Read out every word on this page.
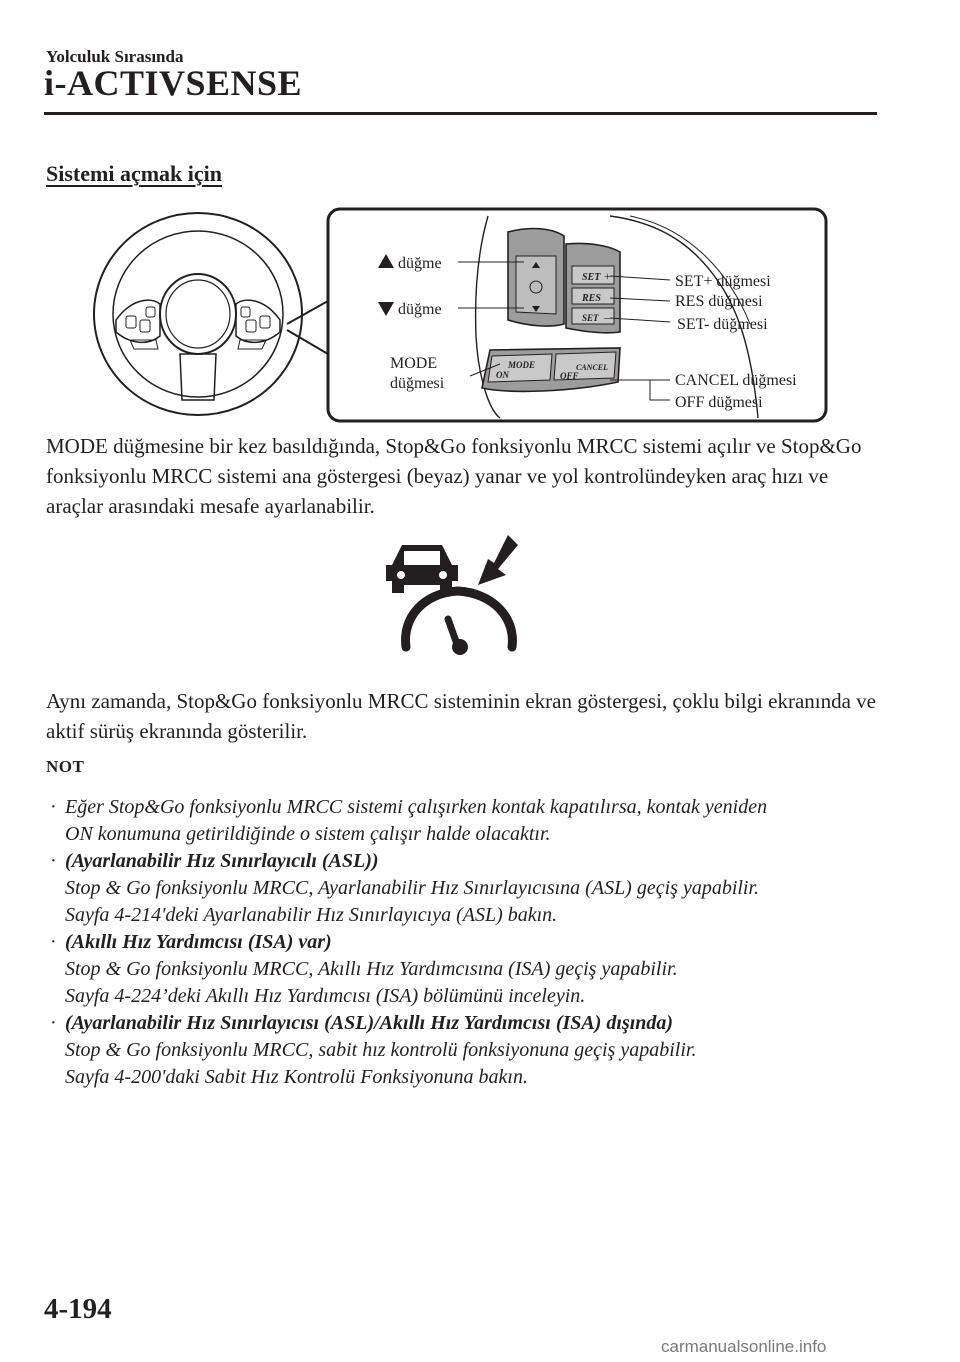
Yolculuk Sırasında
i-ACTIVSENSE
Sistemi açmak için
SET
RES
SET
+
–
MODE
ON
CANCEL
OFF
düğme
düğme
MODE
düğmesi
SET+ düğmesi
RES düğmesi
SET- düğmesi
CANCEL düğmesi
OFF düğmesi
MODE düğmesine bir kez basıldığında, Stop&Go fonksiyonlu MRCC sistemi açılır ve Stop&Go fonksiyonlu MRCC sistemi ana göstergesi (beyaz) yanar ve yol kontrolündeyken araç hızı ve araçlar arasındaki mesafe ayarlanabilir.
Aynı zamanda, Stop&Go fonksiyonlu MRCC sisteminin ekran göstergesi, çoklu bilgi ekranında ve aktif sürüş ekranında gösterilir.
NOT
· Eğer Stop&Go fonksiyonlu MRCC sistemi çalışırken kontak kapatılırsa, kontak yeniden
ON konumuna getirildiğinde o sistem çalışır halde olacaktır.
· (Ayarlanabilir Hız Sınırlayıcılı (ASL))
Stop & Go fonksiyonlu MRCC, Ayarlanabilir Hız Sınırlayıcısına (ASL) geçiş yapabilir.
Sayfa 4-214'deki Ayarlanabilir Hız Sınırlayıcıya (ASL) bakın.
· (Akıllı Hız Yardımcısı (ISA) var)
Stop & Go fonksiyonlu MRCC, Akıllı Hız Yardımcısına (ISA) geçiş yapabilir.
Sayfa 4-224’deki Akıllı Hız Yardımcısı (ISA) bölümünü inceleyin.
· (Ayarlanabilir Hız Sınırlayıcısı (ASL)/Akıllı Hız Yardımcısı (ISA) dışında)
Stop & Go fonksiyonlu MRCC, sabit hız kontrolü fonksiyonuna geçiş yapabilir.
Sayfa 4-200'daki Sabit Hız Kontrolü Fonksiyonuna bakın.
4-194
carmanualsonline.info
